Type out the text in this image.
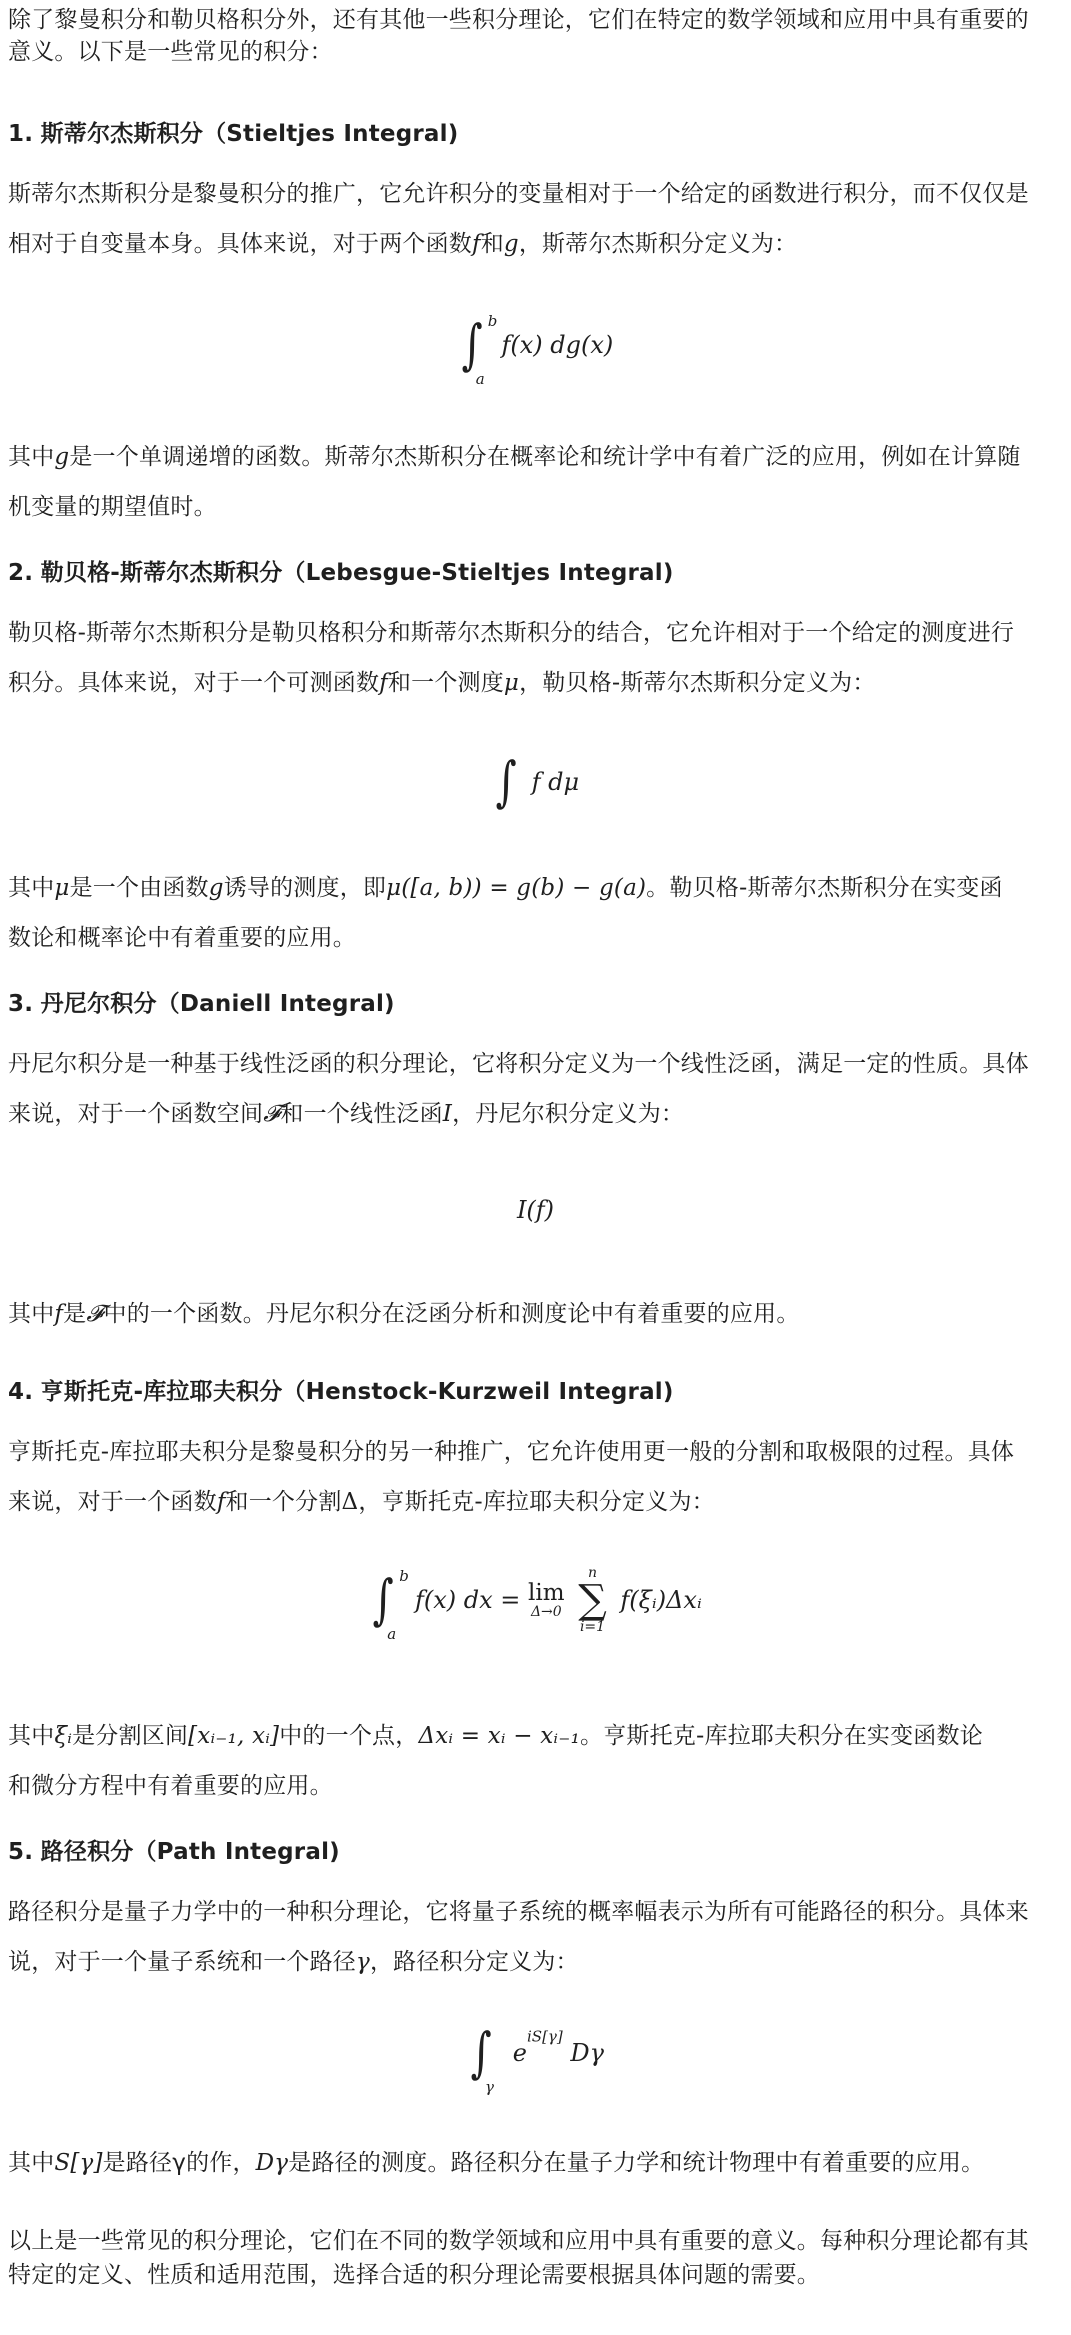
除了黎曼积分和勒贝格积分外，还有其他一些积分理论，它们在特定的数学领域和应用中具有重要的
意义。以下是一些常见的积分：
1. 斯蒂尔杰斯积分（Stieltjes Integral)
斯蒂尔杰斯积分是黎曼积分的推广，它允许积分的变量相对于一个给定的函数进行积分，而不仅仅是
相对于自变量本身。具体来说，对于两个函数f和g，斯蒂尔杰斯积分定义为：
∫ b
a
f(x) dg(x)
其中g是一个单调递增的函数。斯蒂尔杰斯积分在概率论和统计学中有着广泛的应用，例如在计算随
机变量的期望值时。
2. 勒贝格-斯蒂尔杰斯积分（Lebesgue-Stieltjes Integral)
勒贝格-斯蒂尔杰斯积分是勒贝格积分和斯蒂尔杰斯积分的结合，它允许相对于一个给定的测度进行
积分。具体来说，对于一个可测函数f和一个测度μ，勒贝格-斯蒂尔杰斯积分定义为：
∫ f dμ
其中μ是一个由函数g诱导的测度，即μ([a, b)) = g(b) − g(a)。勒贝格-斯蒂尔杰斯积分在实变函
数论和概率论中有着重要的应用。
3. 丹尼尔积分（Daniell Integral)
丹尼尔积分是一种基于线性泛函的积分理论，它将积分定义为一个线性泛函，满足一定的性质。具体
来说，对于一个函数空间𝓕和一个线性泛函I，丹尼尔积分定义为：
I(f)
其中f是𝓕中的一个函数。丹尼尔积分在泛函分析和测度论中有着重要的应用。
4. 亨斯托克-库拉耶夫积分（Henstock-Kurzweil Integral)
亨斯托克-库拉耶夫积分是黎曼积分的另一种推广，它允许使用更一般的分割和取极限的过程。具体
来说，对于一个函数f和一个分割Δ，亨斯托克-库拉耶夫积分定义为：
∫ b
a
f(x) dx = lim
Δ→0

n
∑
i=1
f(ξᵢ)Δxᵢ
其中ξᵢ是分割区间[xᵢ₋₁, xᵢ]中的一个点，Δxᵢ = xᵢ − xᵢ₋₁。亨斯托克-库拉耶夫积分在实变函数论
和微分方程中有着重要的应用。
5. 路径积分（Path Integral)
路径积分是量子力学中的一种积分理论，它将量子系统的概率幅表示为所有可能路径的积分。具体来
说，对于一个量子系统和一个路径γ，路径积分定义为：
∫
γ
$e^{iS[\gamma]}$ Dγ
其中S[γ]是路径γ的作，Dγ是路径的测度。路径积分在量子力学和统计物理中有着重要的应用。
以上是一些常见的积分理论，它们在不同的数学领域和应用中具有重要的意义。每种积分理论都有其
特定的定义、性质和适用范围，选择合适的积分理论需要根据具体问题的需要。
